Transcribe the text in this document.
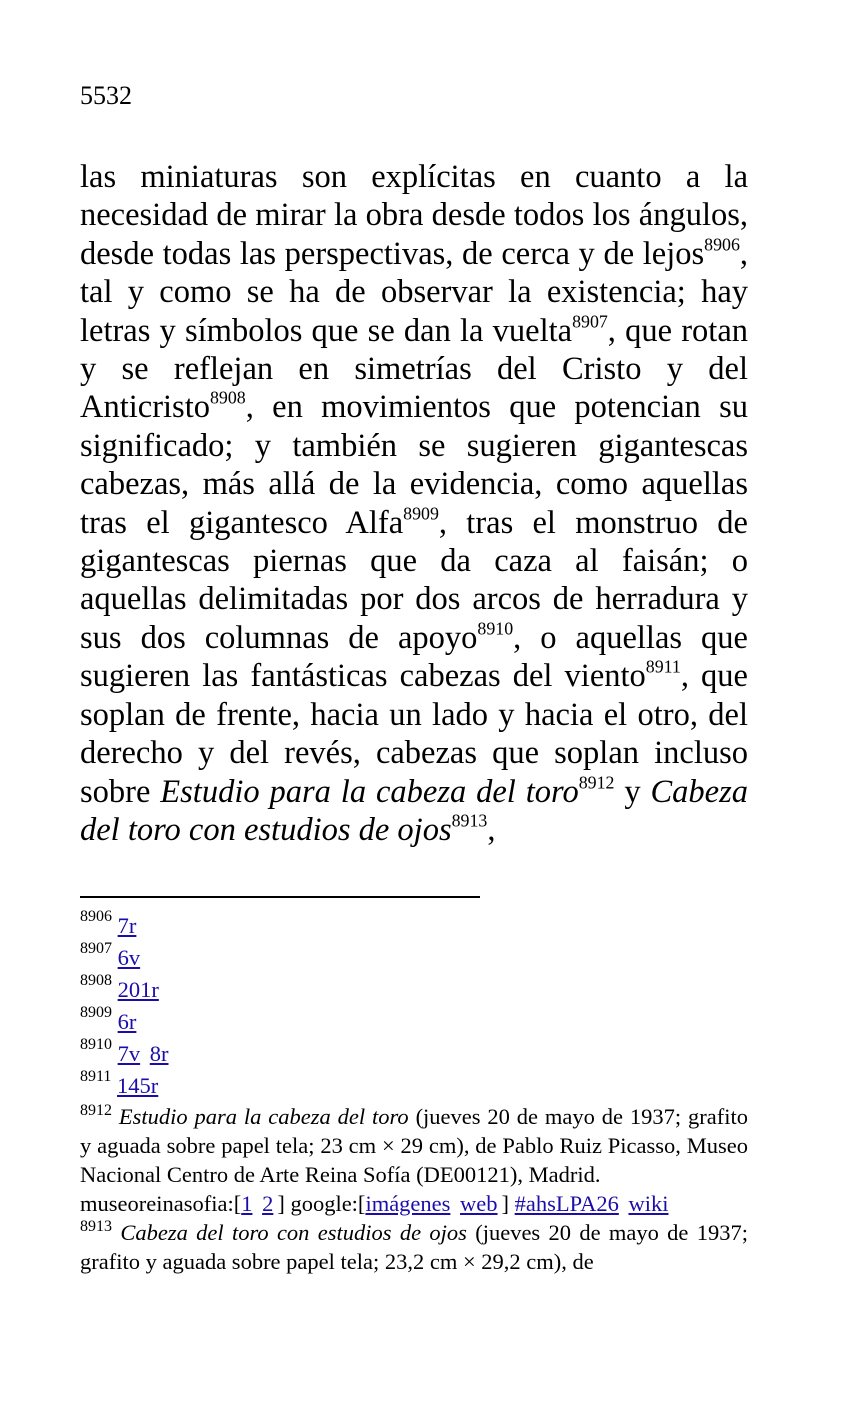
5532
las miniaturas son explícitas en cuanto a la necesidad de mirar la obra desde todos los ángulos, desde todas las perspectivas, de cerca y de lejos$^{8906}$, tal y como se ha de observar la existencia; hay letras y símbolos que se dan la vuelta$^{8907}$, que rotan y se reflejan en simetrías del Cristo y del Anticristo$^{8908}$, en movimientos que potencian su significado; y también se sugieren gigantescas cabezas, más allá de la evidencia, como aquellas tras el gigantesco Alfa$^{8909}$, tras el monstruo de gigantescas piernas que da caza al faisán; o aquellas delimitadas por dos arcos de herradura y sus dos columnas de apoyo$^{8910}$, o aquellas que sugieren las fantásticas cabezas del viento$^{8911}$, que soplan de frente, hacia un lado y hacia el otro, del derecho y del revés, cabezas que soplan incluso sobre Estudio para la cabeza del toro$^{8912}$ y Cabeza del toro con estudios de ojos$^{8913}$,
$^{8906}$ 7r
$^{8907}$ 6v
$^{8908}$ 201r
$^{8909}$ 6r
$^{8910}$ 7v 8r
$^{8911}$ 145r
$^{8912}$ Estudio para la cabeza del toro (jueves 20 de mayo de 1937; grafito y aguada sobre papel tela; 23 cm × 29 cm), de Pablo Ruiz Picasso, Museo Nacional Centro de Arte Reina Sofía (DE00121), Madrid.
museoreinasofia:[1 2 ] google:[imágenes web ] #ahsLPA26 wiki
$^{8913}$ Cabeza del toro con estudios de ojos (jueves 20 de mayo de 1937; grafito y aguada sobre papel tela; 23,2 cm × 29,2 cm), de
